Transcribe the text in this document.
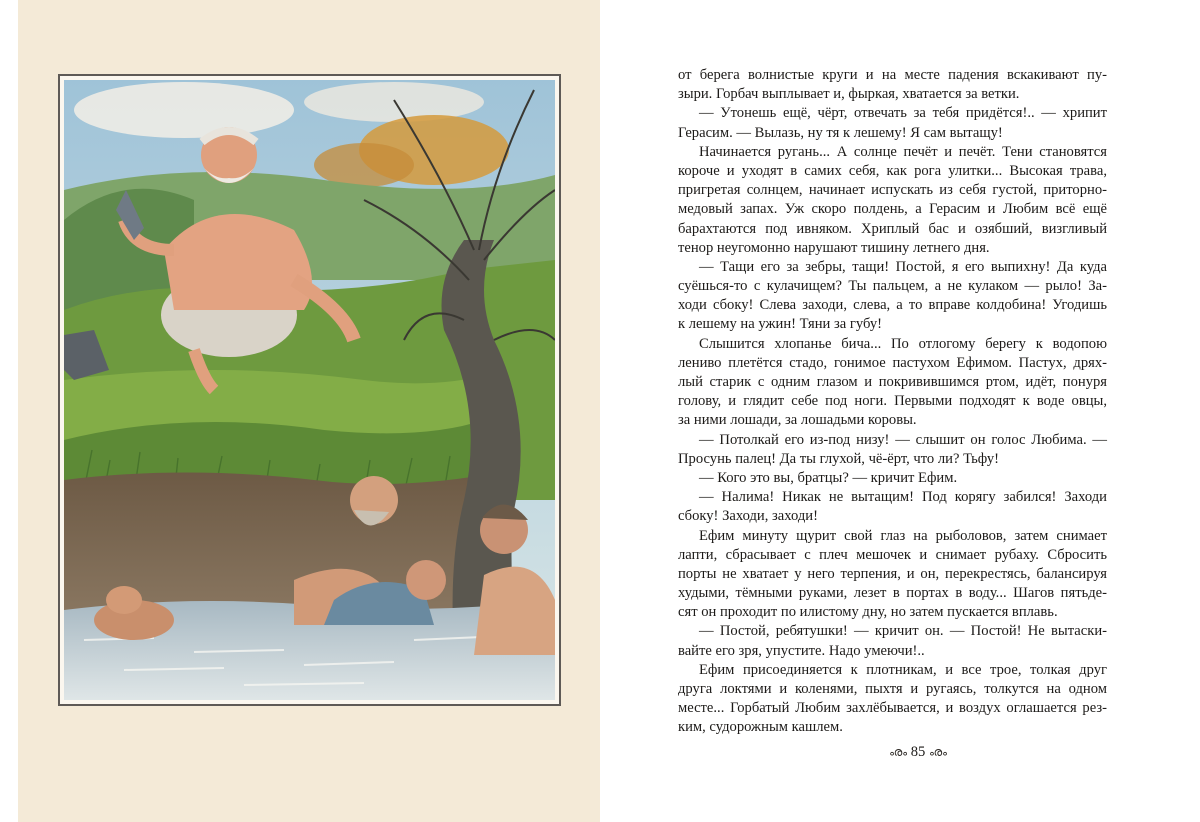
от берега волнистые круги и на месте падения вскакивают пу-
зыри. Горбач выплывает и, фыркая, хватается за ветки.
— Утонешь ещё, чёрт, отвечать за тебя придётся!.. — хрипит
Герасим. — Вылазь, ну тя к лешему! Я сам вытащу!
Начинается ругань... А солнце печёт и печёт. Тени становятся
короче и уходят в самих себя, как рога улитки... Высокая трава,
пригретая солнцем, начинает испускать из себя густой, приторно-
медовый запах. Уж скоро полдень, а Герасим и Любим всё ещё
барахтаются под ивняком. Хриплый бас и озябший, визгливый
тенор неугомонно нарушают тишину летнего дня.
— Тащи его за зебры, тащи! Постой, я его выпихну! Да куда
суёшься-то с кулачищем? Ты пальцем, а не кулаком — рыло! За-
ходи сбоку! Слева заходи, слева, а то вправе колдобина! Угодишь
к лешему на ужин! Тяни за губу!
Слышится хлопанье бича... По отлогому берегу к водопою
лениво плетётся стадо, гонимое пастухом Ефимом. Пастух, дрях-
лый старик с одним глазом и покривившимся ртом, идёт, понуря
голову, и глядит себе под ноги. Первыми подходят к воде овцы,
за ними лошади, за лошадьми коровы.
— Потолкай его из-под низу! — слышит он голос Любима. —
Просунь палец! Да ты глухой, чё-ёрт, что ли? Тьфу!
— Кого это вы, братцы? — кричит Ефим.
— Налима! Никак не вытащим! Под корягу забился! Заходи
сбоку! Заходи, заходи!
Ефим минуту щурит свой глаз на рыболовов, затем снимает
лапти, сбрасывает с плеч мешочек и снимает рубаху. Сбросить
порты не хватает у него терпения, и он, перекрестясь, балансируя
худыми, тёмными руками, лезет в портах в воду... Шагов пятьде-
сят он проходит по илистому дну, но затем пускается вплавь.
— Постой, ребятушки! — кричит он. — Постой! Не вытаски-
вайте его зря, упустите. Надо умеючи!..
Ефим присоединяется к плотникам, и все трое, толкая друг
друга локтями и коленями, пыхтя и ругаясь, толкутся на одном
месте... Горбатый Любим захлёбывается, и воздух оглашается рез-
ким, судорожным кашлем.
ൟ 85 ൟ
